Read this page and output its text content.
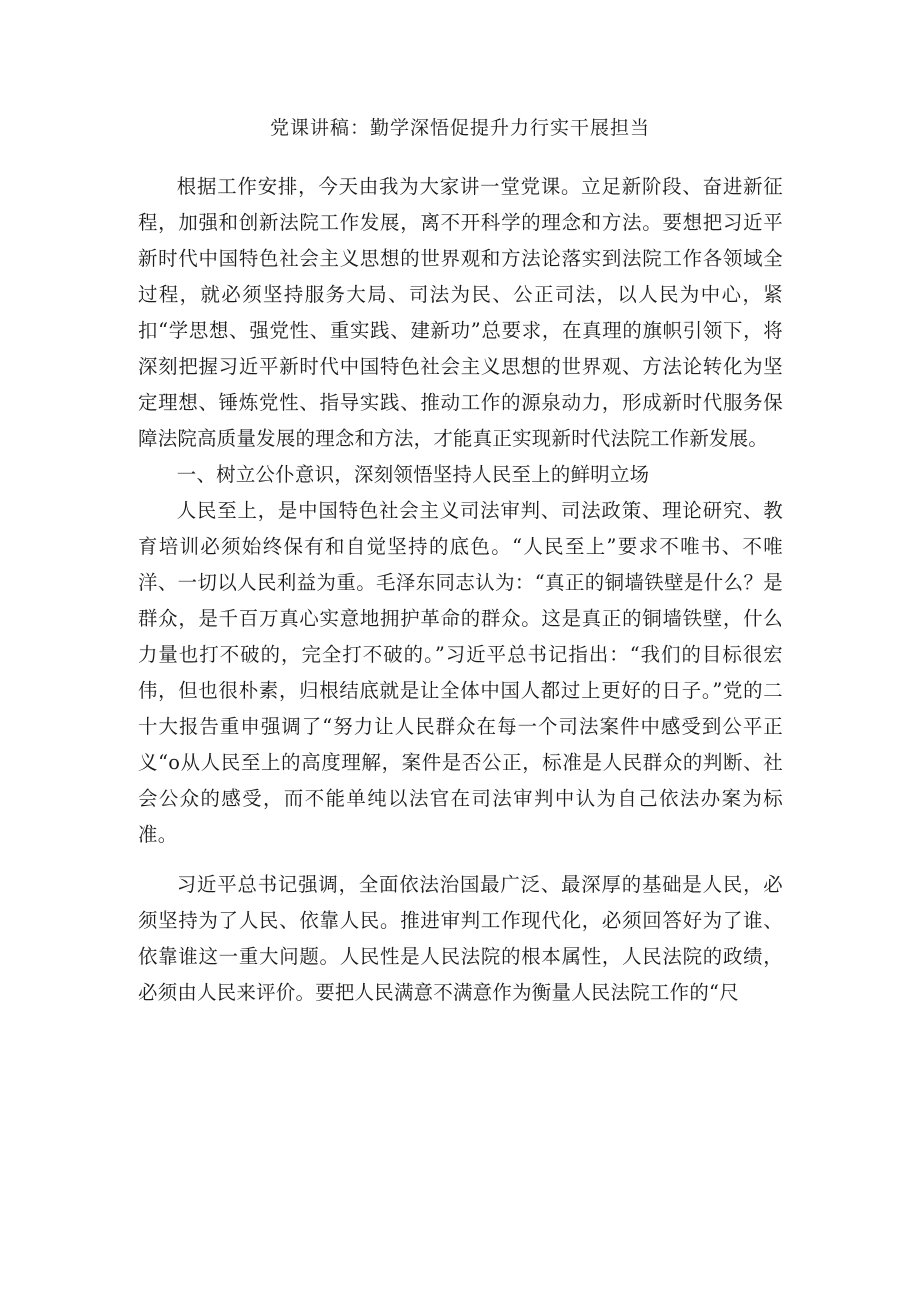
党课讲稿：勤学深悟促提升力行实干展担当

根据工作安排，今天由我为大家讲一堂党课。立足新阶段、奋进新征程，加强和创新法院工作发展，离不开科学的理念和方法。要想把习近平新时代中国特色社会主义思想的世界观和方法论落实到法院工作各领域全过程，就必须坚持服务大局、司法为民、公正司法，以人民为中心，紧扣“学思想、强党性、重实践、建新功”总要求，在真理的旗帜引领下，将深刻把握习近平新时代中国特色社会主义思想的世界观、方法论转化为坚定理想、锤炼党性、指导实践、推动工作的源泉动力，形成新时代服务保障法院高质量发展的理念和方法，才能真正实现新时代法院工作新发展。

一、树立公仆意识，深刻领悟坚持人民至上的鲜明立场

人民至上，是中国特色社会主义司法审判、司法政策、理论研究、教育培训必须始终保有和自觉坚持的底色。“人民至上”要求不唯书、不唯洋、一切以人民利益为重。毛泽东同志认为：“真正的铜墙铁壁是什么？是群众，是千百万真心实意地拥护革命的群众。这是真正的铜墙铁壁，什么力量也打不破的，完全打不破的。”习近平总书记指出：“我们的目标很宏伟，但也很朴素，归根结底就是让全体中国人都过上更好的日子。”党的二十大报告重申强调了“努力让人民群众在每一个司法案件中感受到公平正义“o从人民至上的高度理解，案件是否公正，标准是人民群众的判断、社会公众的感受，而不能单纯以法官在司法审判中认为自己依法办案为标准。

习近平总书记强调，全面依法治国最广泛、最深厚的基础是人民，必须坚持为了人民、依靠人民。推进审判工作现代化，必须回答好为了谁、依靠谁这一重大问题。人民性是人民法院的根本属性，人民法院的政绩，必须由人民来评价。要把人民满意不满意作为衡量人民法院工作的“尺
